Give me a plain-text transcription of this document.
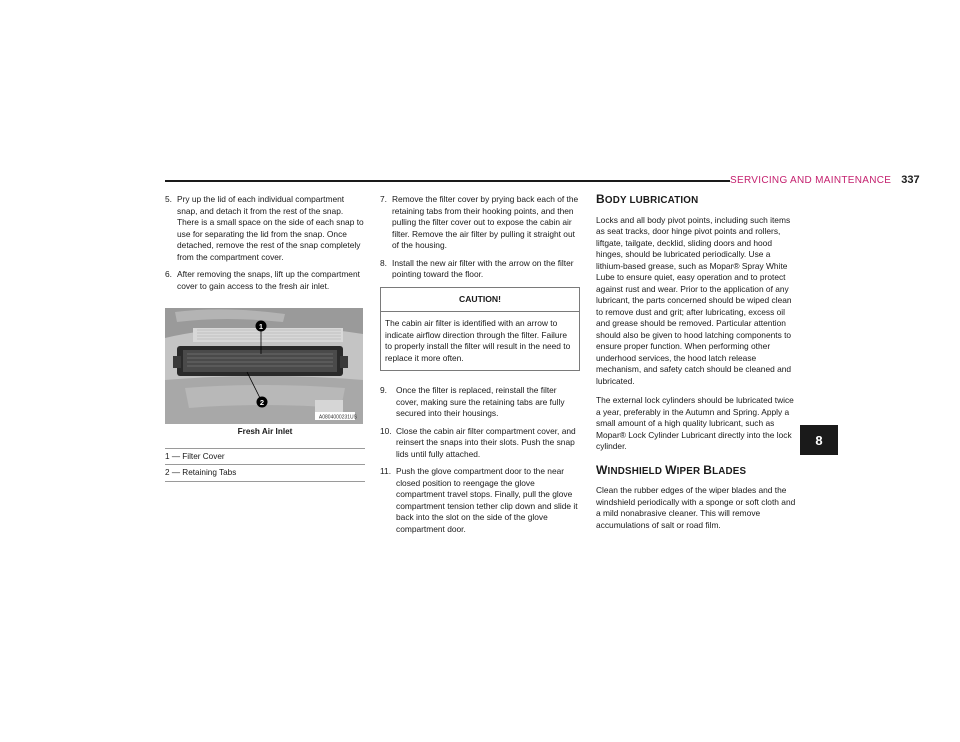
SERVICING AND MAINTENANCE 337
5. Pry up the lid of each individual compartment snap, and detach it from the rest of the snap. There is a small space on the side of each snap to use for separating the lid from the snap. Once detached, remove the rest of the snap completely from the compartment cover.
6. After removing the snaps, lift up the compartment cover to gain access to the fresh air inlet.
1
2
A0804000231US
Fresh Air Inlet
1 — Filter Cover
2 — Retaining Tabs
7. Remove the filter cover by prying back each of the retaining tabs from their hooking points, and then pulling the filter cover out to expose the cabin air filter. Remove the air filter by pulling it straight out of the housing.
8. Install the new air filter with the arrow on the filter pointing toward the floor.
CAUTION!
The cabin air filter is identified with an arrow to indicate airflow direction through the filter. Failure to properly install the filter will result in the need to replace it more often.
9. Once the filter is replaced, reinstall the filter cover, making sure the retaining tabs are fully secured into their housings.
10. Close the cabin air filter compartment cover, and reinsert the snaps into their slots. Push the snap lids until fully attached.
11. Push the glove compartment door to the near closed position to reengage the glove compartment travel stops. Finally, pull the glove compartment tension tether clip down and slide it back into the slot on the side of the glove compartment door.
BODY LUBRICATION

Locks and all body pivot points, including such items as seat tracks, door hinge pivot points and rollers, liftgate, tailgate, decklid, sliding doors and hood hinges, should be lubricated periodically. Use a lithium-based grease, such as Mopar® Spray White Lube to ensure quiet, easy operation and to protect against rust and wear. Prior to the application of any lubricant, the parts concerned should be wiped clean to remove dust and grit; after lubricating, excess oil and grease should be removed. Particular attention should also be given to hood latching components to ensure proper function. When performing other underhood services, the hood latch release mechanism, and safety catch should be cleaned and lubricated.

The external lock cylinders should be lubricated twice a year, preferably in the Autumn and Spring. Apply a small amount of a high quality lubricant, such as Mopar® Lock Cylinder Lubricant directly into the lock cylinder.

WINDSHIELD WIPER BLADES

Clean the rubber edges of the wiper blades and the windshield periodically with a sponge or soft cloth and a mild nonabrasive cleaner. This will remove accumulations of salt or road film.

8
